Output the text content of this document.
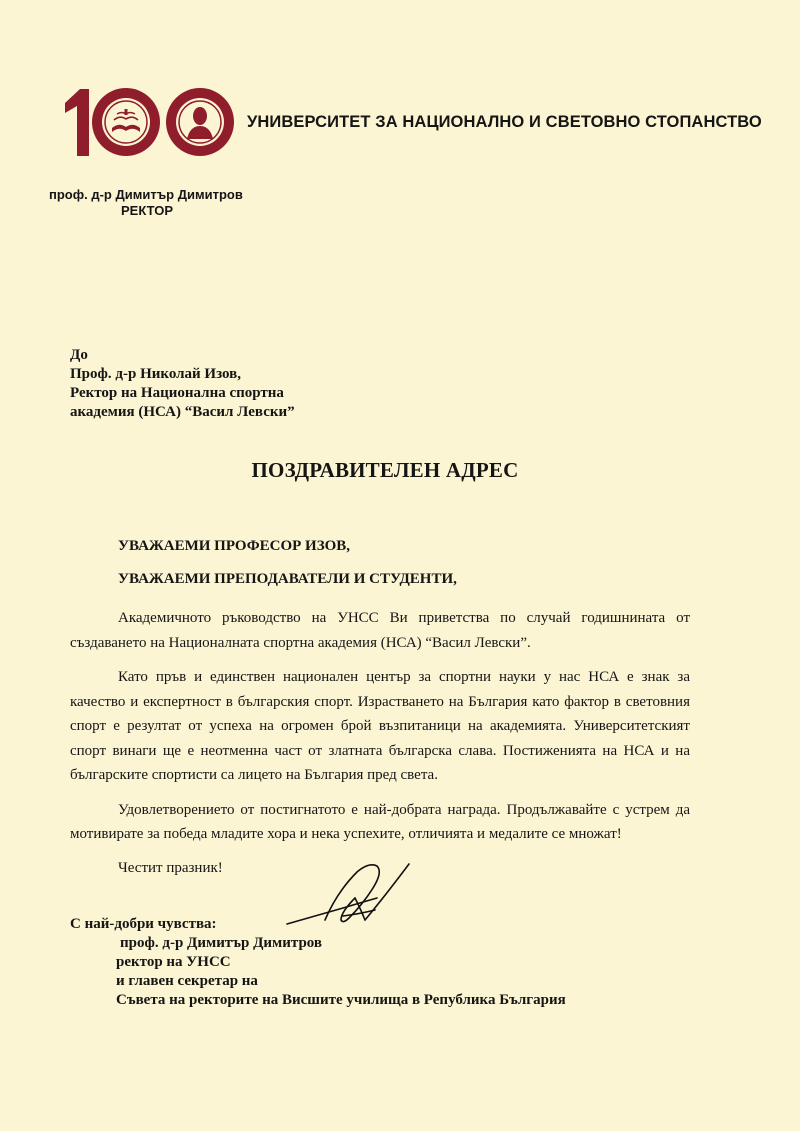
УНИВЕРСИТЕТ ЗА НАЦИОНАЛНО И СВЕТОВНО СТОПАНСТВО
проф. д-р Димитър Димитров
РЕКТОР
До
Проф. д-р Николай Изов,
Ректор на Национална спортна
академия (НСА) “Васил Левски”
ПОЗДРАВИТЕЛЕН АДРЕС
УВАЖАЕМИ ПРОФЕСОР ИЗОВ,
УВАЖАЕМИ ПРЕПОДАВАТЕЛИ И СТУДЕНТИ,

Академичното ръководство на УНСС Ви приветства по случай годишнината от създаването на Националната спортна академия (НСА) “Васил Левски”.

Като пръв и единствен национален център за спортни науки у нас НСА е знак за качество и експертност в българския спорт. Израстването на България като фактор в световния спорт е резултат от успеха на огромен брой възпитаници на академията. Университетският спорт винаги ще е неотменна част от златната българска слава. Постиженията на НСА и на българските спортисти са лицето на България пред света.

Удовлетворението от постигнатото е най-добрата награда. Продължавайте с устрем да мотивирате за победа младите хора и нека успехите, отличията и медалите се множат!

Честит празник!
С най-добри чувства:
проф. д-р Димитър Димитров
ректор на УНСС
и главен секретар на
Съвета на ректорите на Висшите училища в Република България
